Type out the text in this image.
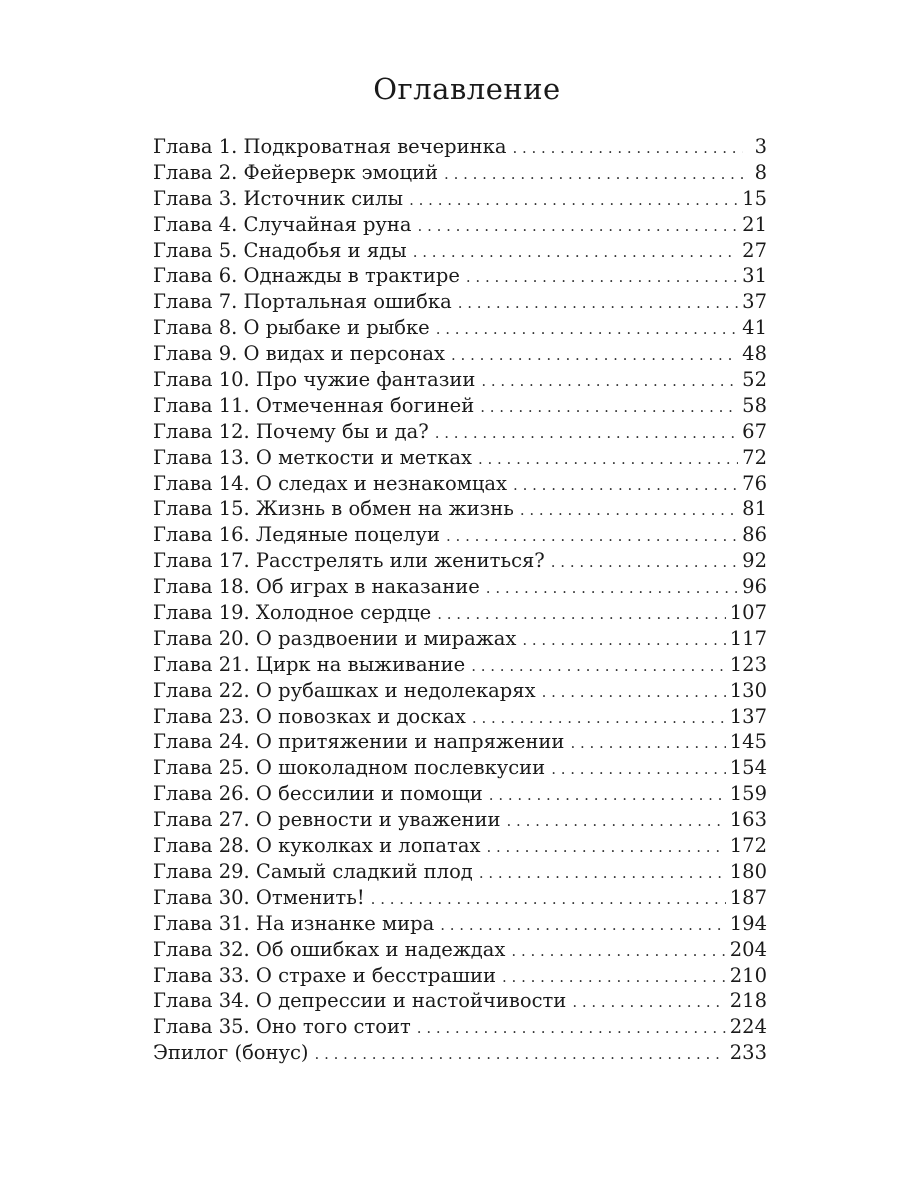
Оглавление
Глава 1. Подкроватная вечеринка . . .	3
Глава 2. Фейерверк эмоций . . .	8
Глава 3. Источник силы . . .	15
Глава 4. Случайная руна . . .	21
Глава 5. Снадобья и яды . . .	27
Глава 6. Однажды в трактире . . .	31
Глава 7. Портальная ошибка . . .	37
Глава 8. О рыбаке и рыбке . . .	41
Глава 9. О видах и персонах . . .	48
Глава 10. Про чужие фантазии . . .	52
Глава 11. Отмеченная богиней . . .	58
Глава 12. Почему бы и да? . . .	67
Глава 13. О меткости и метках . . .	72
Глава 14. О следах и незнакомцах . . .	76
Глава 15. Жизнь в обмен на жизнь . . .	81
Глава 16. Ледяные поцелуи . . .	86
Глава 17. Расстрелять или жениться? . . .	92
Глава 18. Об играх в наказание . . .	96
Глава 19. Холодное сердце . . .	107
Глава 20. О раздвоении и миражах . . .	117
Глава 21. Цирк на выживание . . .	123
Глава 22. О рубашках и недолекарях . . .	130
Глава 23. О повозках и досках . . .	137
Глава 24. О притяжении и напряжении . . .	145
Глава 25. О шоколадном послевкусии . . .	154
Глава 26. О бессилии и помощи . . .	159
Глава 27. О ревности и уважении . . .	163
Глава 28. О куколках и лопатах . . .	172
Глава 29. Самый сладкий плод . . .	180
Глава 30. Отменить! . . .	187
Глава 31. На изнанке мира . . .	194
Глава 32. Об ошибках и надеждах . . .	204
Глава 33. О страхе и бесстрашии . . .	210
Глава 34. О депрессии и настойчивости . . .	218
Глава 35. Оно того стоит . . .	224
Эпилог (бонус) . . .	233
